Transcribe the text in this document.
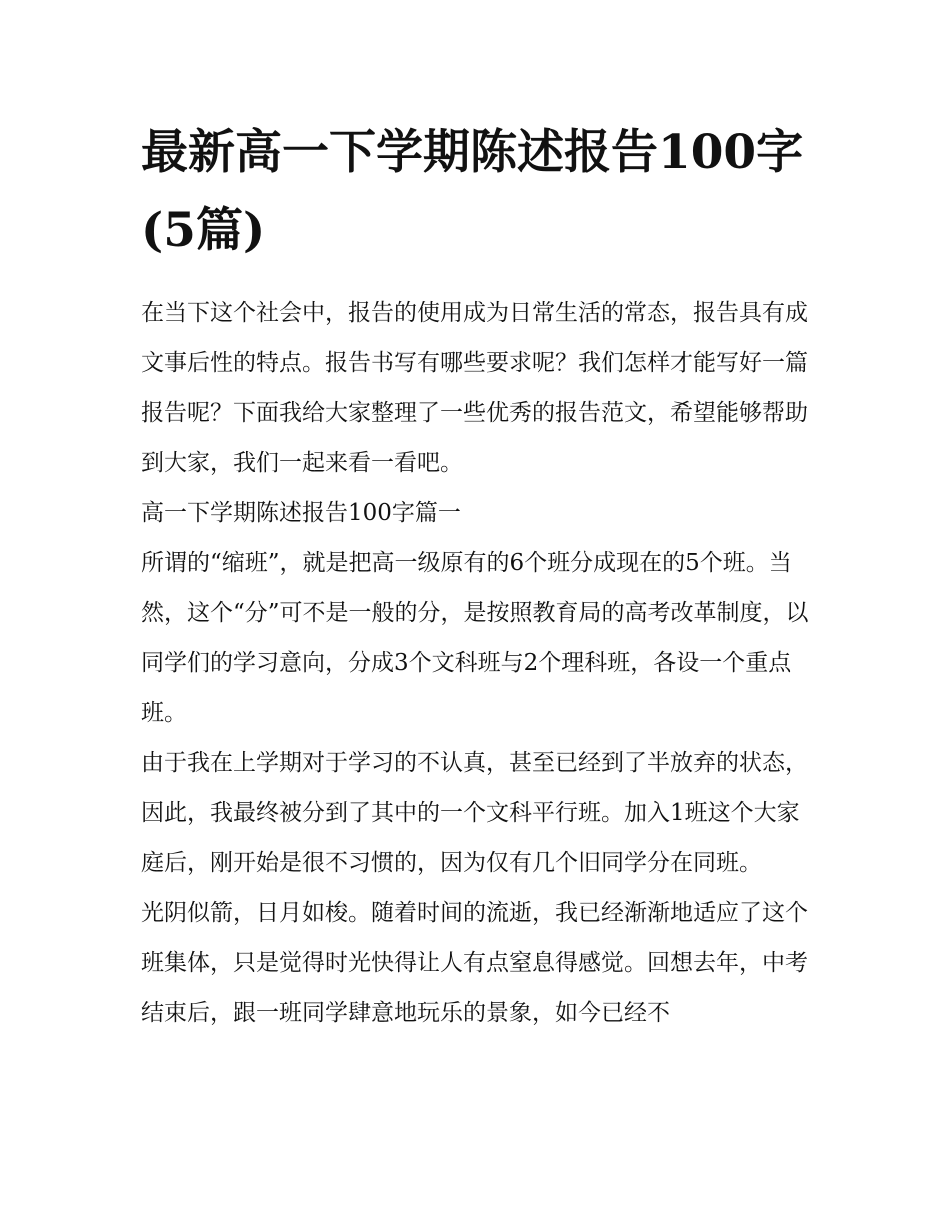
最新高一下学期陈述报告100字(5篇)

在当下这个社会中，报告的使用成为日常生活的常态，报告具有成文事后性的特点。报告书写有哪些要求呢？我们怎样才能写好一篇报告呢？下面我给大家整理了一些优秀的报告范文，希望能够帮助到大家，我们一起来看一看吧。

高一下学期陈述报告100字篇一

所谓的“缩班”，就是把高一级原有的6个班分成现在的5个班。当然，这个“分”可不是一般的分，是按照教育局的高考改革制度，以同学们的学习意向，分成3个文科班与2个理科班，各设一个重点班。

由于我在上学期对于学习的不认真，甚至已经到了半放弃的状态，因此，我最终被分到了其中的一个文科平行班。加入1班这个大家庭后，刚开始是很不习惯的，因为仅有几个旧同学分在同班。

光阴似箭，日月如梭。随着时间的流逝，我已经渐渐地适应了这个班集体，只是觉得时光快得让人有点窒息得感觉。回想去年，中考结束后，跟一班同学肆意地玩乐的景象，如今已经不
